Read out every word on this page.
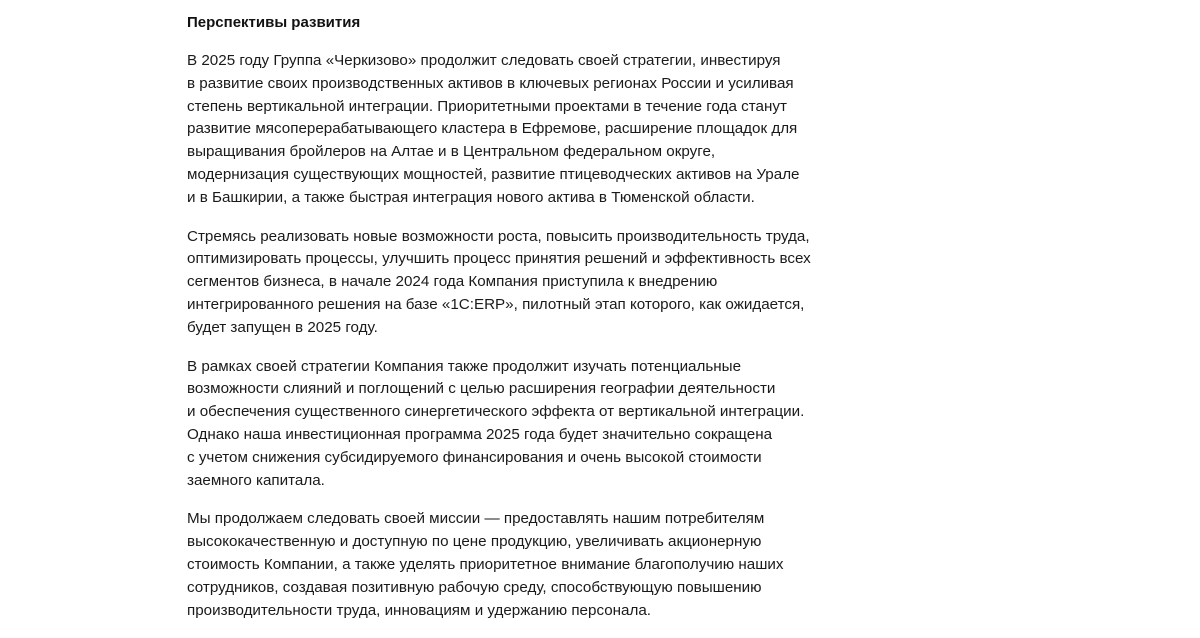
Перспективы развития

В 2025 году Группа «Черкизово» продолжит следовать своей стратегии, инвестируя
в развитие своих производственных активов в ключевых регионах России и усиливая
степень вертикальной интеграции. Приоритетными проектами в течение года станут
развитие мясоперерабатывающего кластера в Ефремове, расширение площадок для
выращивания бройлеров на Алтае и в Центральном федеральном округе,
модернизация существующих мощностей, развитие птицеводческих активов на Урале
и в Башкирии, а также быстрая интеграция нового актива в Тюменской области.

Стремясь реализовать новые возможности роста, повысить производительность труда,
оптимизировать процессы, улучшить процесс принятия решений и эффективность всех
сегментов бизнеса, в начале 2024 года Компания приступила к внедрению
интегрированного решения на базе «1С:ERP», пилотный этап которого, как ожидается,
будет запущен в 2025 году.

В рамках своей стратегии Компания также продолжит изучать потенциальные
возможности слияний и поглощений с целью расширения географии деятельности
и обеспечения существенного синергетического эффекта от вертикальной интеграции.
Однако наша инвестиционная программа 2025 года будет значительно сокращена
с учетом снижения субсидируемого финансирования и очень высокой стоимости
заемного капитала.

Мы продолжаем следовать своей миссии — предоставлять нашим потребителям
высококачественную и доступную по цене продукцию, увеличивать акционерную
стоимость Компании, а также уделять приоритетное внимание благополучию наших
сотрудников, создавая позитивную рабочую среду, способствующую повышению
производительности труда, инновациям и удержанию персонала.
